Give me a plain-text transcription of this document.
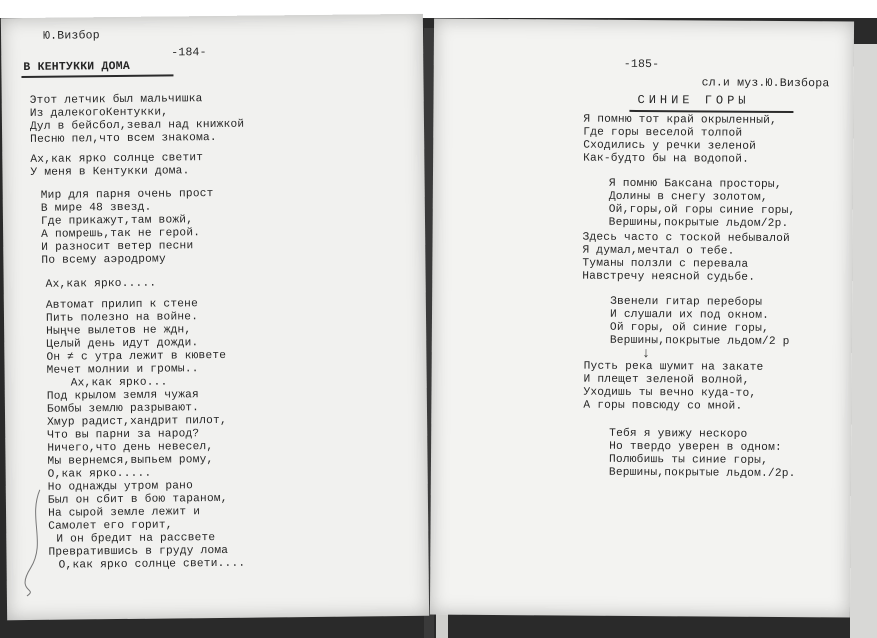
Ю.Визбор
-184-
В КЕНТУККИ ДОМА
Этот летчик был мальчишка
Из далекогоКентукки,
Дул в бейсбол,зевал над книжкой
Песню пел,что всем знакома.
Ах,как ярко солнце светит
У меня в Кентукки дома.
Мир для парня очень прост
В мире 48 звезд.
Где прикажут,там вожй,
А помрешь,так не герой.
И разносит ветер песни
По всему аэродрому
Ах,как ярко.....
Автомат прилип к стене
Пить полезно на войне.
Ныңче вылетов не ждн,
Целый день идут дожди.
Он ≠ с утра лежит в кювете
Мечет молнии и громы..
Ах,как ярко...
Под крылом земля чужая
Бомбы землю разрывают.
Хмур радист,хандрит пилот,
Что вы парни за народ?
Ничего,что день невесел,
Мы вернемся,выпьем рому,
О,как ярко.....
Но однажды утром рано
Был он сбит в бою тараном,
На сырой земле лежит и
Самолет его горит,
И он бредит на рассвете
Превратившись в груду лома
О,как ярко солнце свети....
-185-
сл.и муз.Ю.Визбора
СИНИЕ ГОРЫ
Я помню тот край окрыленный,
Где горы веселой толпой
Сходились у речки зеленой
Как-будто бы на водопой.
Я помню Баксана просторы,
Долины в снегу золотом,
Ой,горы,ой горы синие горы,
Вершины,покрытые льдом/2р.
Здесь часто с тоской небывалой
Я думал,мечтал о тебе.
Туманы ползли с перевала
Навстречу неясной судьбе.
Звенели гитар переборы
И слушали их под окном.
Ой горы, ой синие горы,
Вершины,покрытые льдом/2 р
↓
Пусть река шумит на закате
И плещет зеленой волной,
Уходишь ты вечно куда-то,
А горы повсюду со мной.
Тебя я увижу нескоро
Но твердо уверен в одном:
Полюбишь ты синие горы,
Вершины,покрытые льдом./2р.
